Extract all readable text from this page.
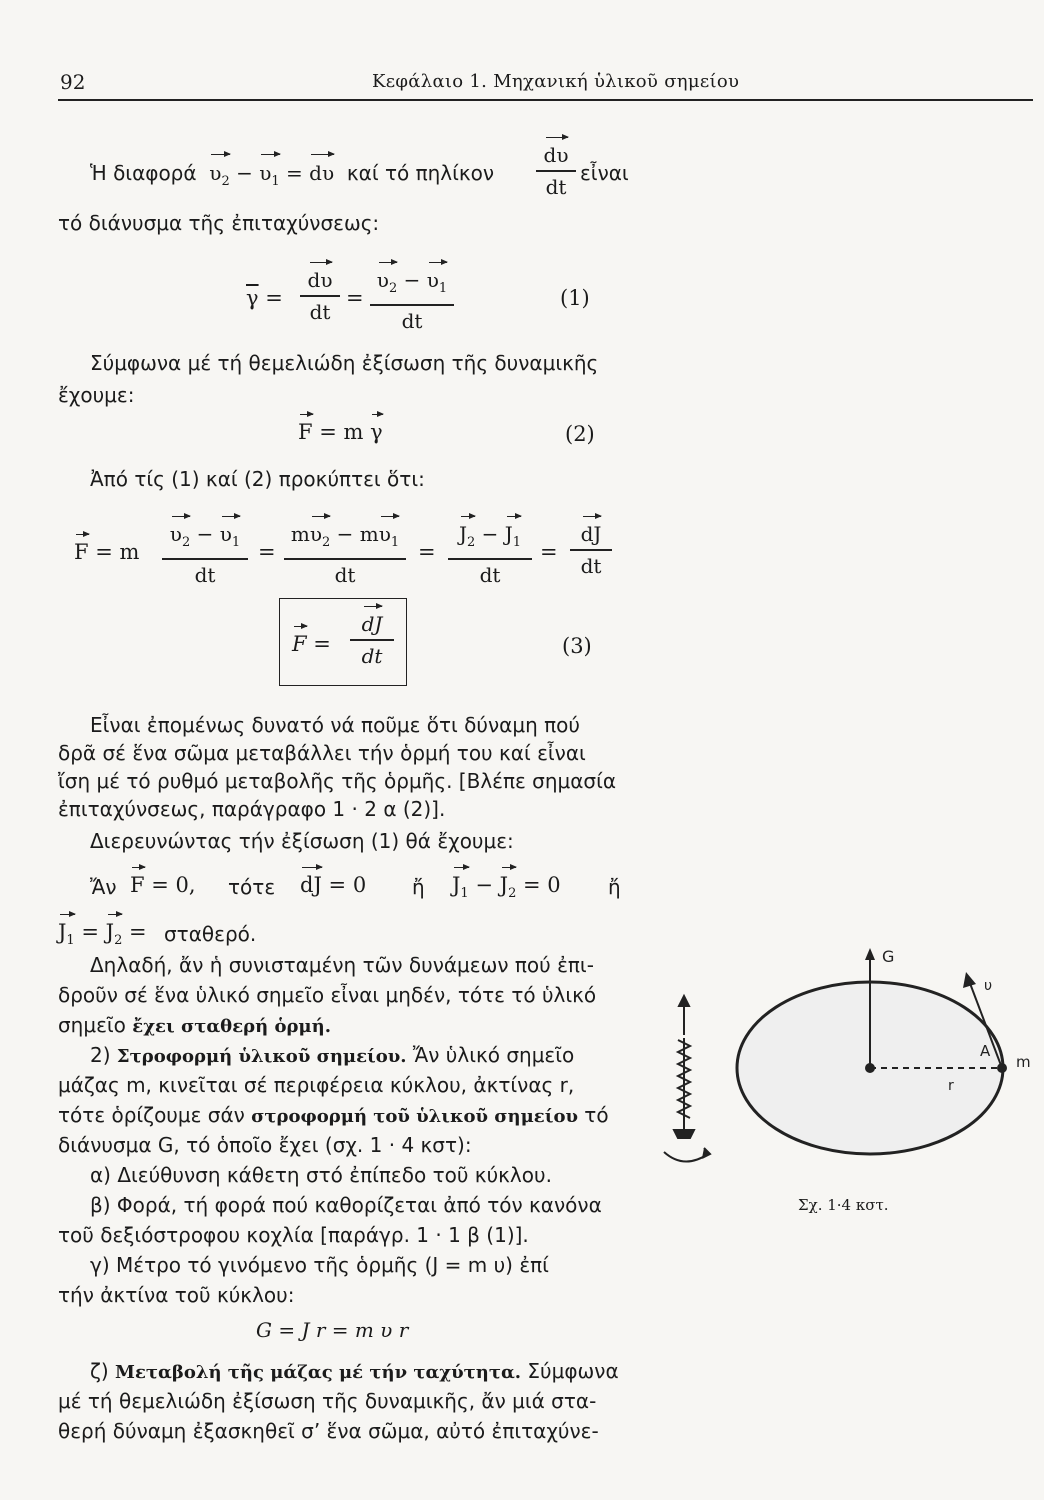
92	Κεφάλαιο 1. Μηχανική ὑλικοῦ σημείου
Ἡ διαφορά $\upsilon_2 - \upsilon_1 = d\upsilon$ καί τό πηλίκον
dυ
dt
εἶναι
τό διάνυσμα τῆς ἐπιταχύνσεως:
$\overline{\gamma}$ =
dυ
dt
=
$\upsilon_2 - \upsilon_1$
dt
(1)
Σύμφωνα μέ τή θεμελιώδη ἐξίσωση τῆς δυναμικῆς
ἔχουμε:
F = m γ	(2)
Ἀπό τίς (1) καί (2) προκύπτει ὅτι:
F = m
$\upsilon_2 - \upsilon_1$
dt
=
$m\upsilon_2 - m\upsilon_1$
dt
=
$J_2 - J_1$
dt
=
dJ
dt
F =
dJ
dt	(3)
Εἶναι ἐπομένως δυνατό νά ποῦμε ὅτι δύναμη πού
δρᾶ σέ ἕνα σῶμα μεταβάλλει τήν ὁρμή του καί εἶναι
ἴση μέ τό ρυθμό μεταβολῆς τῆς ὁρμῆς. [Βλέπε σημασία
ἐπιταχύνσεως, παράγραφο 1 · 2 α (2)].
Διερευνώντας τήν ἐξίσωση (1) θά ἔχουμε:
Ἄν F = 0, τότε dJ = 0 ἤ $J_1 - J_2 = 0$ ἤ
$J_1 = J_2 = \sigma\tau\alpha\theta\varepsilon\rho ό$.
Δηλαδή, ἄν ἡ συνισταμένη τῶν δυνάμεων πού ἐπι-
δροῦν σέ ἕνα ὑλικό σημεῖο εἶναι μηδέν, τότε τό ὑλικό
σημεῖο ἔχει σταθερή ὁρμή.
2) Στροφορμή ὑλικοῦ σημείου. Ἄν ὑλικό σημεῖο
μάζας m, κινεῖται σέ περιφέρεια κύκλου, ἀκτίνας r,
τότε ὁρίζουμε σάν στροφορμή τοῦ ὑλικοῦ σημείου τό
διάνυσμα G, τό ὁποῖο ἔχει (σχ. 1 · 4 κστ):
α) Διεύθυνση κάθετη στό ἐπίπεδο τοῦ κύκλου.
β) Φορά, τή φορά πού καθορίζεται ἀπό τόν κανόνα
τοῦ δεξιόστροφου κοχλία [παράγρ. 1 · 1 β (1)].
γ) Μέτρο τό γινόμενο τῆς ὁρμῆς (J = m υ) ἐπί
τήν ἀκτίνα τοῦ κύκλου:
G = J r = m υ r
ζ) Μεταβολή τῆς μάζας μέ τήν ταχύτητα. Σύμφωνα
μέ τή θεμελιώδη ἐξίσωση τῆς δυναμικῆς, ἄν μιά στα-
θερή δύναμη ἐξασκηθεῖ σ’ ἕνα σῶμα, αὐτό ἐπιταχύνε-
G
υ
A
m
r
Σχ. 1·4 κστ.
